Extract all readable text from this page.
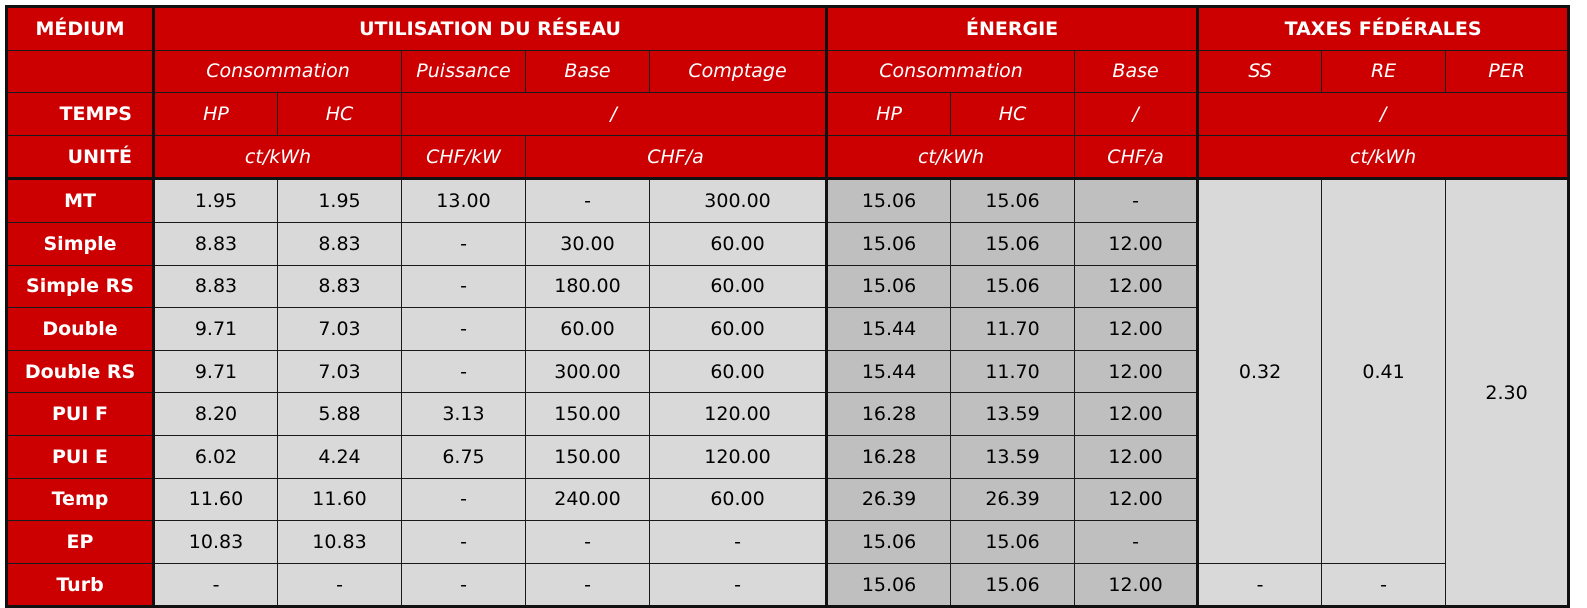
MÉDIUM	UTILISATION DU RÉSEAU					ÉNERGIE			TAXES FÉDÉRALES		
	Consommation		Puissance	Base	Comptage	Consommation		Base	SS	RE	PER
TEMPS	HP	HC	/			HP	HC	/	/		
UNITÉ	ct/kWh		CHF/kW	CHF/a		ct/kWh		CHF/a	ct/kWh		
MT	1.95	1.95	13.00	-	300.00	15.06	15.06	-	0.32	0.41	2.30
Simple	8.83	8.83	-	30.00	60.00	15.06	15.06	12.00			
Simple RS	8.83	8.83	-	180.00	60.00	15.06	15.06	12.00			
Double	9.71	7.03	-	60.00	60.00	15.44	11.70	12.00			
Double RS	9.71	7.03	-	300.00	60.00	15.44	11.70	12.00			
PUI F	8.20	5.88	3.13	150.00	120.00	16.28	13.59	12.00			
PUI E	6.02	4.24	6.75	150.00	120.00	16.28	13.59	12.00			
Temp	11.60	11.60	-	240.00	60.00	26.39	26.39	12.00			
EP	10.83	10.83	-	-	-	15.06	15.06	-			
Turb	-	-	-	-	-	15.06	15.06	12.00	-	-	
